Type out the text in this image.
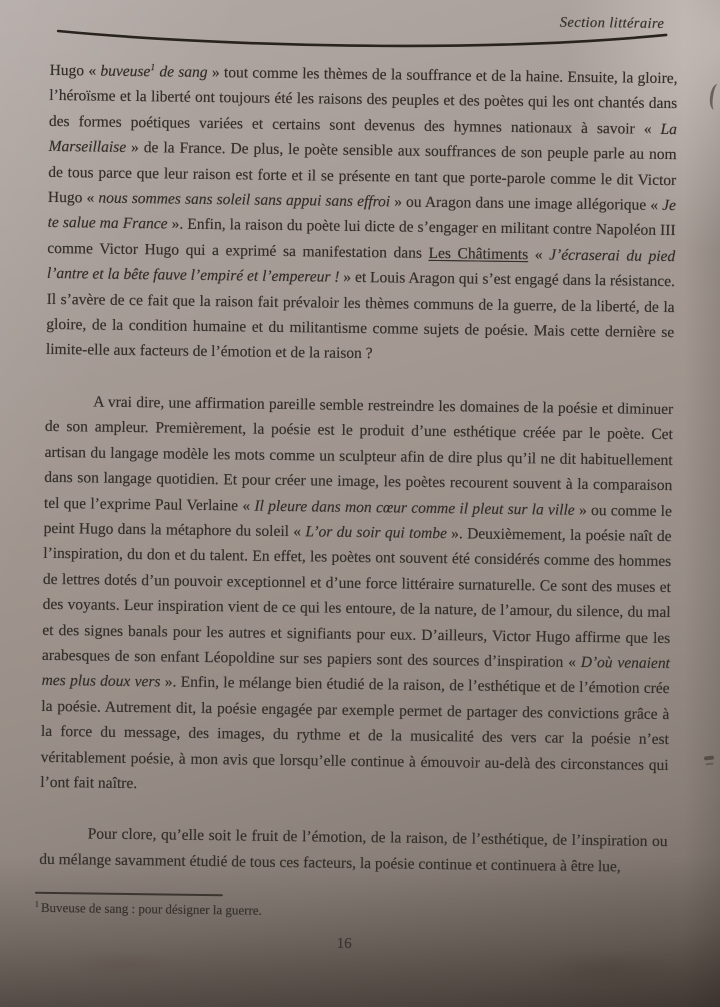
Section littéraire

Hugo « buveuse$^1$ de sang » tout comme les thèmes de la souffrance et de la haine. Ensuite, la gloire, l’héroïsme et la liberté ont toujours été les raisons des peuples et des poètes qui les ont chantés dans des formes poétiques variées et certains sont devenus des hymnes nationaux à savoir « La Marseillaise » de la France. De plus, le poète sensible aux souffrances de son peuple parle au nom de tous parce que leur raison est forte et il se présente en tant que porte-parole comme le dit Victor Hugo « nous sommes sans soleil sans appui sans effroi » ou Aragon dans une image allégorique « Je te salue ma France ». Enfin, la raison du poète lui dicte de s’engager en militant contre Napoléon III comme Victor Hugo qui a exprimé sa manifestation dans Les Châtiments « J’écraserai du pied l’antre et la bête fauve l’empiré et l’empereur ! » et Louis Aragon qui s’est engagé dans la résistance. Il s’avère de ce fait que la raison fait prévaloir les thèmes communs de la guerre, de la liberté, de la gloire, de la condition humaine et du militantisme comme sujets de poésie. Mais cette dernière se limite-elle aux facteurs de l’émotion et de la raison ?

A vrai dire, une affirmation pareille semble restreindre les domaines de la poésie et diminuer de son ampleur. Premièrement, la poésie est le produit d’une esthétique créée par le poète. Cet artisan du langage modèle les mots comme un sculpteur afin de dire plus qu’il ne dit habituellement dans son langage quotidien. Et pour créer une image, les poètes recourent souvent à la comparaison tel que l’exprime Paul Verlaine « Il pleure dans mon cœur comme il pleut sur la ville » ou comme le peint Hugo dans la métaphore du soleil « L’or du soir qui tombe ». Deuxièmement, la poésie naît de l’inspiration, du don et du talent. En effet, les poètes ont souvent été considérés comme des hommes de lettres dotés d’un pouvoir exceptionnel et d’une force littéraire surnaturelle. Ce sont des muses et des voyants. Leur inspiration vient de ce qui les entoure, de la nature, de l’amour, du silence, du mal et des signes banals pour les autres et signifiants pour eux. D’ailleurs, Victor Hugo affirme que les arabesques de son enfant Léopoldine sur ses papiers sont des sources d’inspiration « D’où venaient mes plus doux vers ». Enfin, le mélange bien étudié de la raison, de l’esthétique et de l’émotion crée la poésie. Autrement dit, la poésie engagée par exemple permet de partager des convictions grâce à la force du message, des images, du rythme et de la musicalité des vers car la poésie n’est véritablement poésie, à mon avis que lorsqu’elle continue à émouvoir au-delà des circonstances qui l’ont fait naître.

Pour clore, qu’elle soit le fruit de l’émotion, de la raison, de l’esthétique, de l’inspiration ou du mélange savamment étudié de tous ces facteurs, la poésie continue et continuera à être lue,

$^1$ Buveuse de sang : pour désigner la guerre.
16
